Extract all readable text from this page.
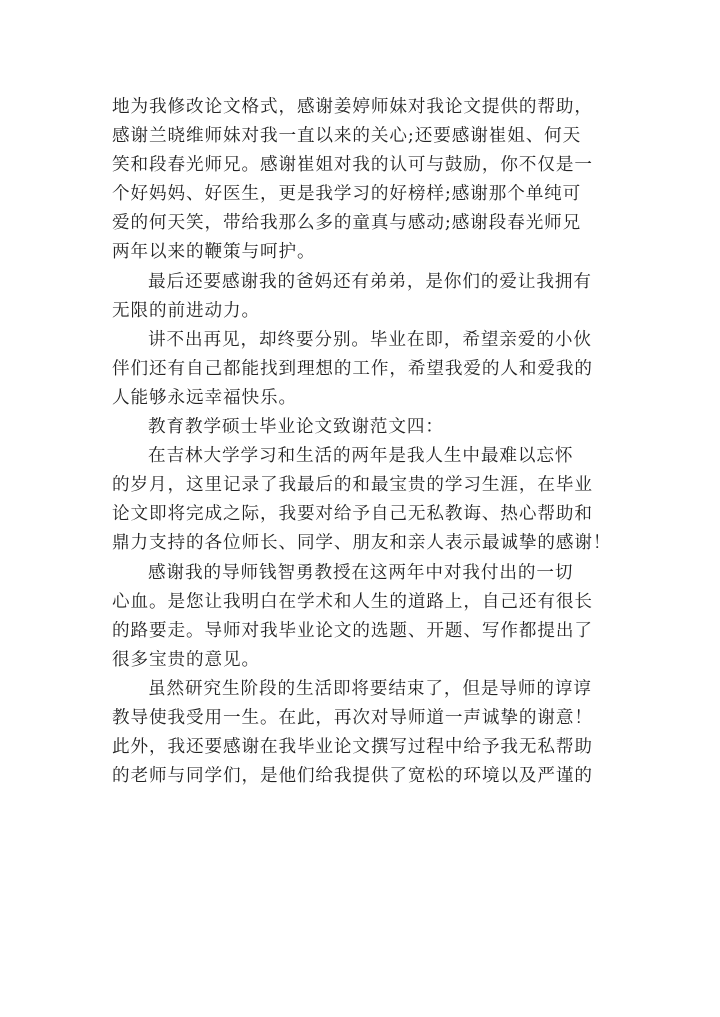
地为我修改论文格式，感谢姜婷师妹对我论文提供的帮助，
感谢兰晓维师妹对我一直以来的关心;还要感谢崔姐、何天
笑和段春光师兄。感谢崔姐对我的认可与鼓励，你不仅是一
个好妈妈、好医生，更是我学习的好榜样;感谢那个单纯可
爱的何天笑，带给我那么多的童真与感动;感谢段春光师兄
两年以来的鞭策与呵护。
最后还要感谢我的爸妈还有弟弟，是你们的爱让我拥有
无限的前进动力。
讲不出再见，却终要分别。毕业在即，希望亲爱的小伙
伴们还有自己都能找到理想的工作，希望我爱的人和爱我的
人能够永远幸福快乐。
教育教学硕士毕业论文致谢范文四：
在吉林大学学习和生活的两年是我人生中最难以忘怀
的岁月，这里记录了我最后的和最宝贵的学习生涯，在毕业
论文即将完成之际，我要对给予自己无私教诲、热心帮助和
鼎力支持的各位师长、同学、朋友和亲人表示最诚挚的感谢！
感谢我的导师钱智勇教授在这两年中对我付出的一切
心血。是您让我明白在学术和人生的道路上，自己还有很长
的路要走。导师对我毕业论文的选题、开题、写作都提出了
很多宝贵的意见。
虽然研究生阶段的生活即将要结束了，但是导师的谆谆
教导使我受用一生。在此，再次对导师道一声诚挚的谢意！
此外，我还要感谢在我毕业论文撰写过程中给予我无私帮助
的老师与同学们，是他们给我提供了宽松的环境以及严谨的
